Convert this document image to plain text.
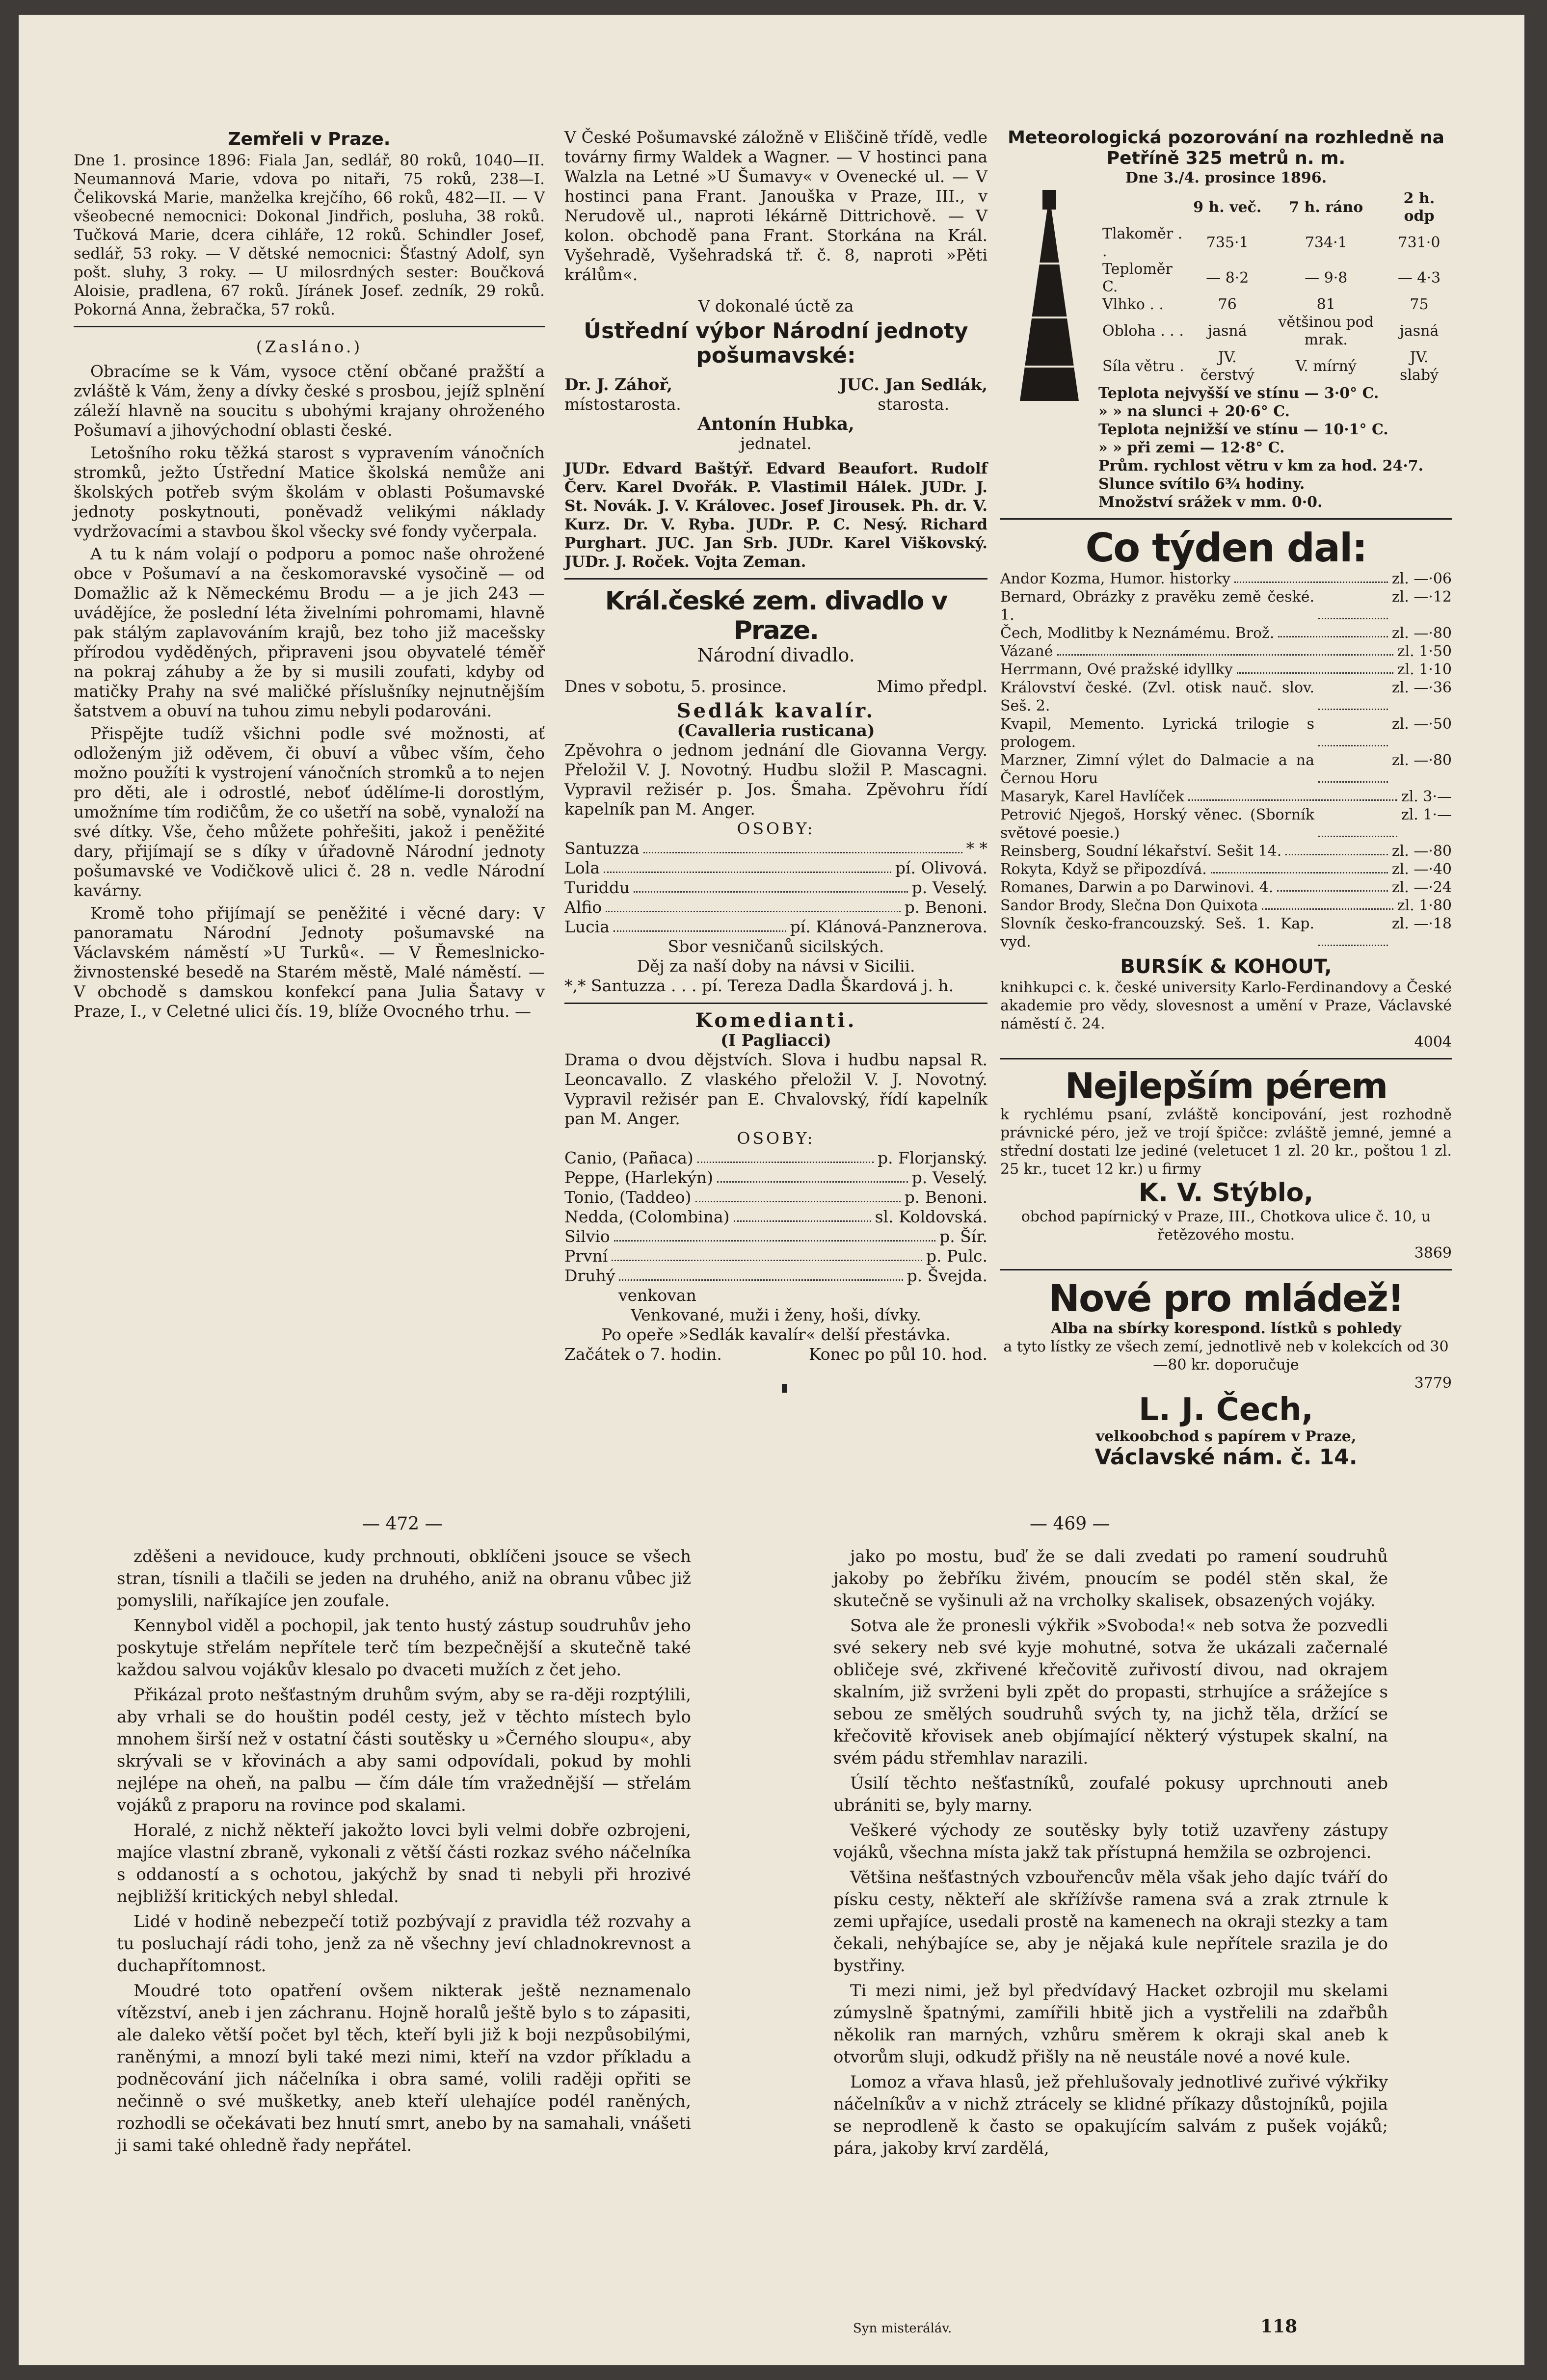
Zemřeli v Praze.
Dne 1. prosince 1896: Fiala Jan, sedlář, 80 roků, 1040—II. Neumannová Marie, vdova po nitaři, 75 roků, 238—I. Čelikovská Marie, manželka krejčího, 66 roků, 482—II. — V všeobecné nemocnici: Dokonal Jindřich, posluha, 38 roků. Tučková Marie, dcera cihláře, 12 roků. Schindler Josef, sedlář, 53 roky. — V dětské nemocnici: Šťastný Adolf, syn pošt. sluhy, 3 roky. — U milosrdných sester: Boučková Aloisie, pradlena, 67 roků. Jíránek Josef. zedník, 29 roků. Pokorná Anna, žebračka, 57 roků.
(Zasláno.)

Obracíme se k Vám, vysoce ctění občané pražští a zvláště k Vám, ženy a dívky české s prosbou, jejíž splnění záleží hlavně na soucitu s ubohými krajany ohroženého Pošumaví a jihovýchodní oblasti české.

Letošního roku těžká starost s vypravením vánočních stromků, ježto Ústřední Matice školská nemůže ani školských potřeb svým školám v oblasti Pošumavské jednoty poskytnouti, poněvadž velikými náklady vydržovacími a stavbou škol všecky své fondy vyčerpala.

A tu k nám volají o podporu a pomoc naše ohrožené obce v Pošumaví a na českomoravské vysočině — od Domažlic až k Německému Brodu — a je jich 243 — uvádějíce, že poslední léta živelními pohromami, hlavně pak stálým zaplavováním krajů, bez toho již macešsky přírodou vyděděných, připraveni jsou obyvatelé téměř na pokraj záhuby a že by si musili zoufati, kdyby od matičky Prahy na své maličké příslušníky nejnutnějším šatstvem a obuví na tuhou zimu nebyli podarováni.

Přispějte tudíž všichni podle své možnosti, ať odloženým již oděvem, či obuví a vůbec vším, čeho možno použíti k vystrojení vánočních stromků a to nejen pro děti, ale i odrostlé, neboť údělíme-li dorostlým, umožníme tím rodičům, že co ušetří na sobě, vynaloží na své dítky. Vše, čeho můžete pohřešiti, jakož i peněžité dary, přijímají se s díky v úřadovně Národní jednoty pošumavské ve Vodičkově ulici č. 28 n. vedle Národní kavárny.

Kromě toho přijímají se peněžité i věcné dary: V panoramatu Národní Jednoty pošumavské na Václavském náměstí »U Turků«. — V Řemeslnicko-živnostenské besedě na Starém městě, Malé náměstí. — V obchodě s damskou konfekcí pana Julia Šatavy v Praze, I., v Celetné ulici čís. 19, blíže Ovocného trhu. —

V České Pošumavské záložně v Eliščině třídě, vedle továrny firmy Waldek a Wagner. — V hostinci pana Walzla na Letné »U Šumavy« v Ovenecké ul. — V hostinci pana Frant. Janouška v Praze, III., v Nerudově ul., naproti lékárně Dittrichově. — V kolon. obchodě pana Frant. Storkána na Král. Vyšehradě, Vyšehradská tř. č. 8, naproti »Pěti králům«.
V dokonalé úctě za
Ústřední výbor Národní jednoty pošumavské:
Dr. J. Záhoř,
místostarosta.
JUC. Jan Sedlák,
starosta.
Antonín Hubka,
jednatel.
JUDr. Edvard Baštýř. Edvard Beaufort. Rudolf Červ. Karel Dvořák. P. Vlastimil Hálek. JUDr. J. St. Novák. J. V. Královec. Josef Jirousek. Ph. dr. V. Kurz. Dr. V. Ryba. JUDr. P. C. Nesý. Richard Purghart. JUC. Jan Srb. JUDr. Karel Viškovský. JUDr. J. Roček. Vojta Zeman.
Král.české zem. divadlo v Praze.
Národní divadlo.
Dnes v sobotu, 5. prosince.	Mimo předpl.
Sedlák kavalír.
(Cavalleria rusticana)
Zpěvohra o jednom jednání dle Giovanna Vergy. Přeložil V. J. Novotný. Hudbu složil P. Mascagni. Vypravil režisér p. Jos. Šmaha. Zpěvohru řídí kapelník pan M. Anger.
OSOBY:
Santuzza	* *
Lola	pí. Olivová.
Turiddu	p. Veselý.
Alfio	p. Benoni.
Lucia	pí. Klánová-Panznerova.
Sbor vesničanů sicilských.
Děj za naší doby na návsi v Sicilii.
*,* Santuzza . . . pí. Tereza Dadla Škardová j. h.
Komedianti.
(I Pagliacci)
Drama o dvou dějstvích. Slova i hudbu napsal R. Leoncavallo. Z vlaského přeložil V. J. Novotný. Vypravil režisér pan E. Chvalovský, řídí kapelník pan M. Anger.
OSOBY:
Canio, (Pañaca)	p. Florjanský.
Peppe, (Harlekýn)	p. Veselý.
Tonio, (Taddeo)	p. Benoni.
Nedda, (Colombina)	sl. Koldovská.
Silvio	p. Šír.
První	p. Pulc.
Druhý	p. Švejda.
venkovan
Venkované, muži i ženy, hoši, dívky.
Po opeře »Sedlák kavalír« delší přestávka.
Začátek o 7. hodin.	Konec po půl 10. hod.
Meteorologická pozorování na rozhledně na Petříně 325 metrů n. m.
Dne 3./4. prosince 1896.
	9 h. več.	7 h. ráno	2 h. odp
Tlakoměr . .	735·1	734·1	731·0
Teploměr C.	— 8·2	— 9·8	— 4·3
Vlhko . .	76	81	75
Obloha . . .	jasná	většinou pod mrak.	jasná
Síla větru .	JV. čerstvý	V. mírný	JV. slabý
Teplota nejvyšší ve stínu — 3·0° C.
» » na slunci + 20·6° C.
Teplota nejnižší ve stínu — 10·1° C.
» » při zemi — 12·8° C.
Prům. rychlost větru v km za hod. 24·7.
Slunce svítilo 6¾ hodiny.
Množství srážek v mm. 0·0.
Co týden dal:
Andor Kozma, Humor. historky	zl. —·06
Bernard, Obrázky z pravěku země české. 1.
zl. —·12
Čech, Modlitby k Neznámému. Brož.	zl. —·80
Vázané	zl. 1·50
Herrmann, Ové pražské idyllky	zl. 1·10
Království české. (Zvl. otisk nauč. slov. Seš. 2.
zl. —·36
Kvapil, Memento. Lyrická trilogie s prologem.
zl. —·50
Marzner, Zimní výlet do Dalmacie a na Černou Horu
zl. —·80
Masaryk, Karel Havlíček	zl. 3·—
Petrović Njegoš, Horský věnec. (Sborník světové poesie.)
zl. 1·—
Reinsberg, Soudní lékařství. Sešit 14.	zl. —·80
Rokyta, Když se připozdívá.	zl. —·40
Romanes, Darwin a po Darwinovi. 4.	zl. —·24
Sandor Brody, Slečna Don Quixota	zl. 1·80
Slovník česko-francouzský. Seš. 1. Kap. vyd.
zl. —·18
BURSÍK & KOHOUT,
knihkupci c. k. české university Karlo-Ferdinandovy a České akademie pro vědy, slovesnost a umění v Praze, Václavské náměstí č. 24.
4004
Nejlepším pérem
k rychlému psaní, zvláště koncipování, jest rozhodně právnické péro, jež ve trojí špičce: zvláště jemné, jemné a střední dostati lze jediné (veletucet 1 zl. 20 kr., poštou 1 zl. 25 kr., tucet 12 kr.) u firmy
K. V. Stýblo,
obchod papírnický v Praze, III., Chotkova ulice č. 10, u řetězového mostu.
3869
Nové pro mládež!
Alba na sbírky korespond. lístků s pohledy
a tyto lístky ze všech zemí, jednotlivě neb v kolekcích od 30—80 kr. doporučuje
3779
L. J. Čech,
velkoobchod s papírem v Praze,
Václavské nám. č. 14.
— 472 —

zděšeni a nevidouce, kudy prchnouti, obklíčeni jsouce se všech stran, tísnili a tlačili se jeden na druhého, aniž na obranu vůbec již pomyslili, naříkajíce jen zoufale.

Kennybol viděl a pochopil, jak tento hustý zástup soudruhův jeho poskytuje střelám nepřítele terč tím bezpečnější a skutečně také každou salvou vojákův klesalo po dvaceti mužích z čet jeho.

Přikázal proto nešťastným druhům svým, aby se ra-ději rozptýlili, aby vrhali se do houštin podél cesty, jež v těchto místech bylo mnohem širší než v ostatní části soutěsky u »Černého sloupu«, aby skrývali se v křovinách a aby sami odpovídali, pokud by mohli nejlépe na oheň, na palbu — čím dále tím vražednější — střelám vojáků z praporu na rovince pod skalami.

Horalé, z nichž někteří jakožto lovci byli velmi dobře ozbrojeni, majíce vlastní zbraně, vykonali z větší části rozkaz svého náčelníka s oddaností a s ochotou, jakýchž by snad ti nebyli při hrozivé nejbližší kritických nebyl shledal.

Lidé v hodině nebezpečí totiž pozbývají z pravidla též rozvahy a tu posluchají rádi toho, jenž za ně všechny jeví chladnokrevnost a duchapřítomnost.

Moudré toto opatření ovšem nikterak ještě neznamenalo vítězství, aneb i jen záchranu. Hojně horalů ještě bylo s to zápasiti, ale daleko větší počet byl těch, kteří byli již k boji nezpůsobilými, raněnými, a mnozí byli také mezi nimi, kteří na vzdor příkladu a podněcování jich náčelníka i obra samé, volili raději opřiti se nečinně o své mušketky, aneb kteří ulehajíce podél raněných, rozhodli se očekávati bez hnutí smrt, anebo by na samahali, vnášeti ji sami také ohledně řady nepřátel.

— 469 —

jako po mostu, buď že se dali zvedati po ramení soudruhů jakoby po žebříku živém, pnoucím se podél stěn skal, že skutečně se vyšinuli až na vrcholky skalisek, obsazených vojáky.

Sotva ale že pronesli výkřik »Svoboda!« neb sotva že pozvedli své sekery neb své kyje mohutné, sotva že ukázali začernalé obličeje své, zkřivené křečovitě zuřivostí divou, nad okrajem skalním, již svrženi byli zpět do propasti, strhujíce a srážejíce s sebou ze smělých soudruhů svých ty, na jichž těla, držící se křečovitě křovisek aneb objímající některý výstupek skalní, na svém pádu střemhlav narazili.

Úsilí těchto nešťastníků, zoufalé pokusy uprchnouti aneb ubrániti se, byly marny.

Veškeré východy ze soutěsky byly totiž uzavřeny zástupy vojáků, všechna místa jakž tak přístupná hemžila se ozbrojenci.

Většina nešťastných vzbouřencův měla však jeho dajíc tváří do písku cesty, někteří ale skřížívše ramena svá a zrak ztrnule k zemi upřajíce, usedali prostě na kamenech na okraji stezky a tam čekali, nehýbajíce se, aby je nějaká kule nepřítele srazila je do bystřiny.

Ti mezi nimi, jež byl předvídavý Hacket ozbrojil mu skelami zúmyslně špatnými, zamířili hbitě jich a vystřelili na zdařbůh několik ran marných, vzhůru směrem k okraji skal aneb k otvorům sluji, odkudž přišly na ně neustále nové a nové kule.

Lomoz a vřava hlasů, jež přehlušovaly jednotlivé zuřivé výkřiky náčelníkův a v nichž ztrácely se klidné příkazy důstojníků, pojila se neprodleně k často se opakujícím salvám z pušek vojáků; pára, jakoby krví zardělá,

Syn misteráláv.	118
